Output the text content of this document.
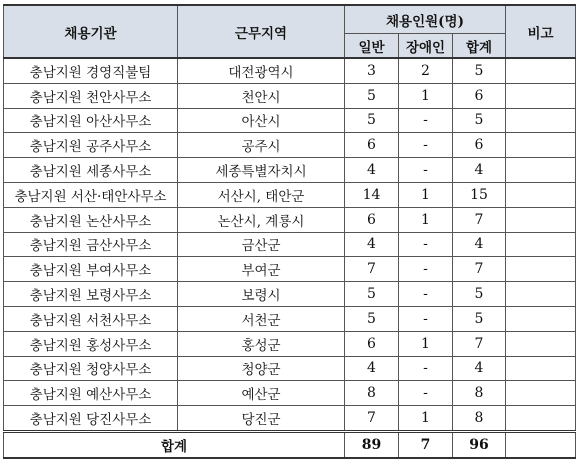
채용기관	근무지역	채용인원(명)			비고
		일반	장애인	합계	
충남지원 경영직불팀	대전광역시	3	2	5	
충남지원 천안사무소	천안시	5	1	6	
충남지원 아산사무소	아산시	5	-	5	
충남지원 공주사무소	공주시	6	-	6	
충남지원 세종사무소	세종특별자치시	4	-	4	
충남지원 서산·태안사무소	서산시, 태안군	14	1	15	
충남지원 논산사무소	논산시, 계룡시	6	1	7	
충남지원 금산사무소	금산군	4	-	4	
충남지원 부여사무소	부여군	7	-	7	
충남지원 보령사무소	보령시	5	-	5	
충남지원 서천사무소	서천군	5	-	5	
충남지원 홍성사무소	홍성군	6	1	7	
충남지원 청양사무소	청양군	4	-	4	
충남지원 예산사무소	예산군	8	-	8	
충남지원 당진사무소	당진군	7	1	8	
합계		89	7	96	
